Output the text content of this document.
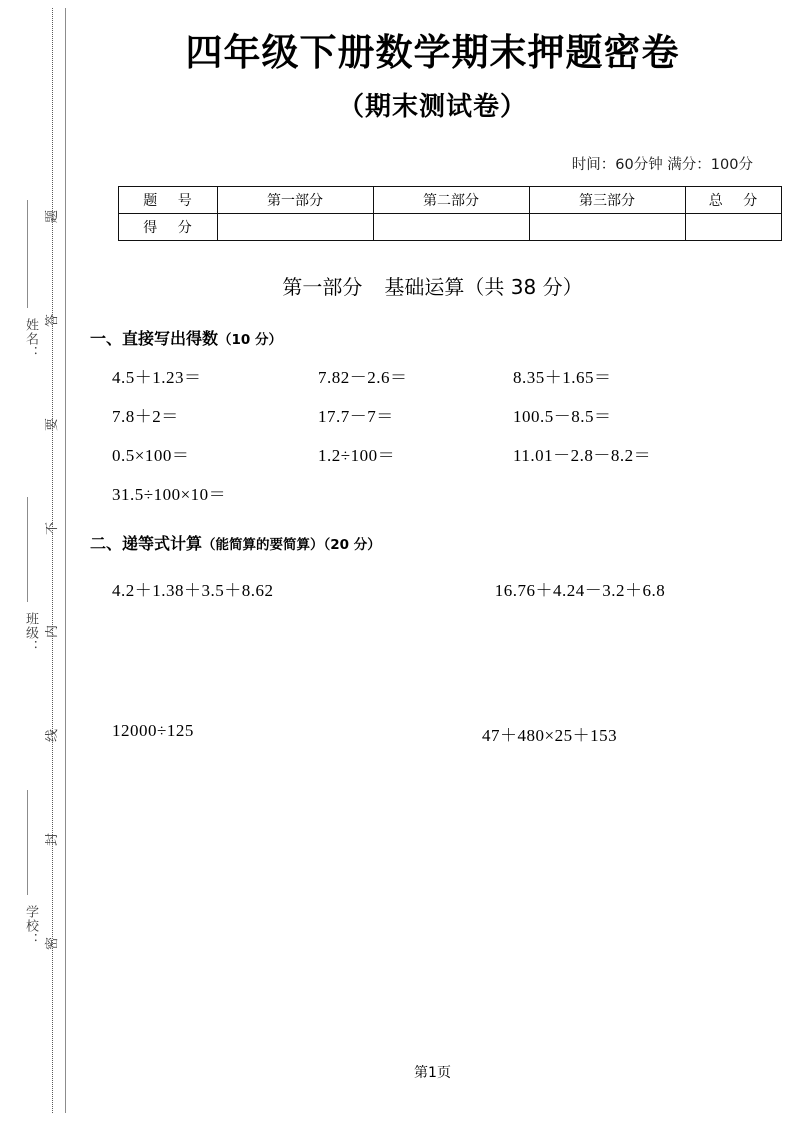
题
答
要
不
内
线
封
密
姓名：
班级：
学校：
四年级下册数学期末押题密卷
（期末测试卷）

时间：60分钟 满分：100分

题 号	第一部分	第二部分	第三部分	总 分
得 分				
第一部分 基础运算（共 38 分）
一、直接写出得数（10 分）
4.5＋1.23＝	7.82－2.6＝	8.35＋1.65＝
7.8＋2＝	17.7－7＝	100.5－8.5＝
0.5×100＝	1.2÷100＝	11.01－2.8－8.2＝
31.5÷100×10＝
二、递等式计算（能简算的要简算）（20 分）
4.2＋1.38＋3.5＋8.62	16.76＋4.24－3.2＋6.8
12000÷125	47＋480×25＋153
第1页
